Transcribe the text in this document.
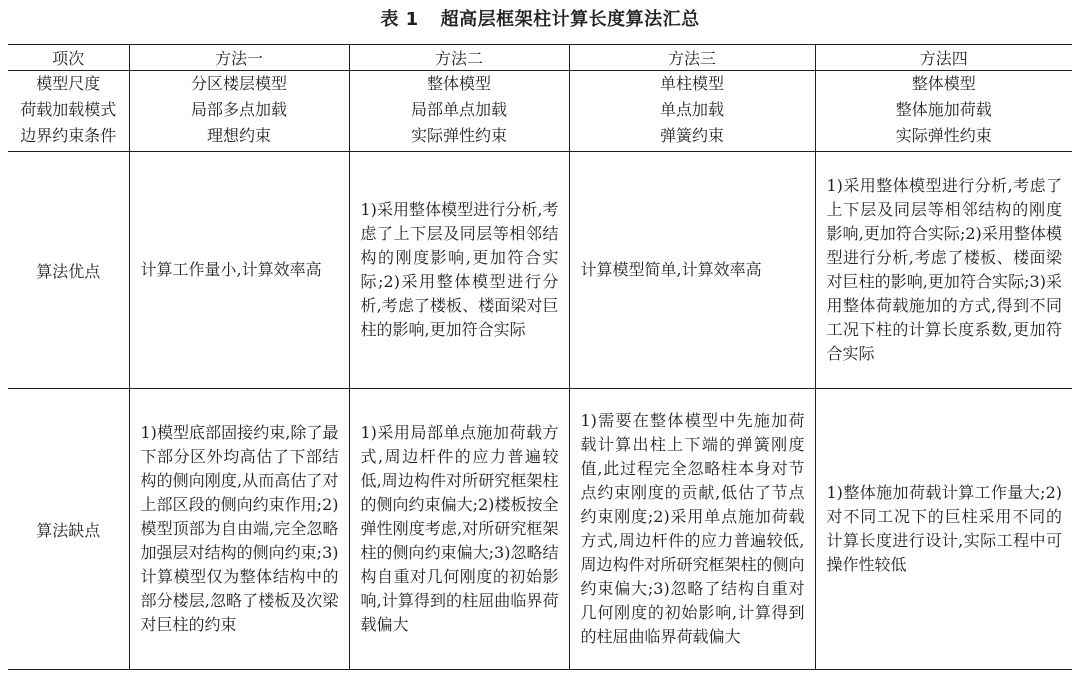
表 1 超高层框架柱计算长度算法汇总
项次	方法一	方法二	方法三	方法四
模型尺度	分区楼层模型	整体模型	单柱模型	整体模型
荷载加载模式	局部多点加载	局部单点加载	单点加载	整体施加荷载
边界约束条件	理想约束	实际弹性约束	弹簧约束	实际弹性约束
算法优点	计算工作量小,计算效率高	1)采用整体模型进行分析,考虑了上下层及同层等相邻结构的刚度影响,更加符合实际;2)采用整体模型进行分析,考虑了楼板、楼面梁对巨柱的影响,更加符合实际	计算模型简单,计算效率高	1)采用整体模型进行分析,考虑了上下层及同层等相邻结构的刚度影响,更加符合实际;2)采用整体模型进行分析,考虑了楼板、楼面梁对巨柱的影响,更加符合实际;3)采用整体荷载施加的方式,得到不同工况下柱的计算长度系数,更加符合实际
算法缺点	1)模型底部固接约束,除了最下部分区外均高估了下部结构的侧向刚度,从而高估了对上部区段的侧向约束作用;2)模型顶部为自由端,完全忽略加强层对结构的侧向约束;3)计算模型仅为整体结构中的部分楼层,忽略了楼板及次梁对巨柱的约束	1)采用局部单点施加荷载方式,周边杆件的应力普遍较低,周边构件对所研究框架柱的侧向约束偏大;2)楼板按全弹性刚度考虑,对所研究框架柱的侧向约束偏大;3)忽略结构自重对几何刚度的初始影响,计算得到的柱屈曲临界荷载偏大	1)需要在整体模型中先施加荷载计算出柱上下端的弹簧刚度值,此过程完全忽略柱本身对节点约束刚度的贡献,低估了节点约束刚度;2)采用单点施加荷载方式,周边杆件的应力普遍较低,周边构件对所研究框架柱的侧向约束偏大;3)忽略了结构自重对几何刚度的初始影响,计算得到的柱屈曲临界荷载偏大	1)整体施加荷载计算工作量大;2)对不同工况下的巨柱采用不同的计算长度进行设计,实际工程中可操作性较低
